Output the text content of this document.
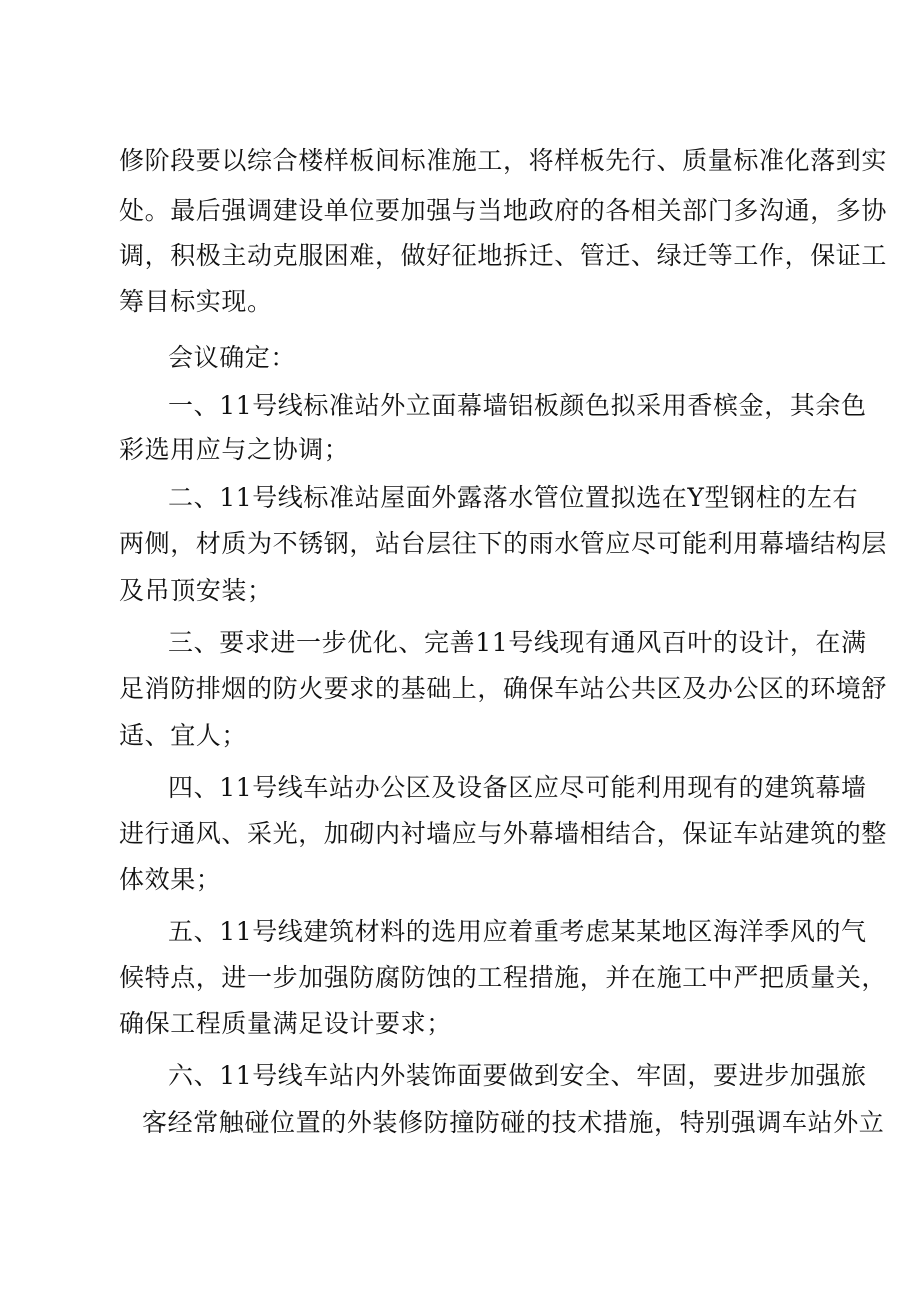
修阶段要以综合楼样板间标准施工，将样板先行、质量标准化落到实
处。最后强调建设单位要加强与当地政府的各相关部门多沟通，多协
调，积极主动克服困难，做好征地拆迁、管迁、绿迁等工作，保证工
筹目标实现。
会议确定：
一、11号线标准站外立面幕墙铝板颜色拟采用香槟金，其余色
彩选用应与之协调；
二、11号线标准站屋面外露落水管位置拟选在Y型钢柱的左右
两侧，材质为不锈钢，站台层往下的雨水管应尽可能利用幕墙结构层
及吊顶安装；
三、要求进一步优化、完善11号线现有通风百叶的设计，在满
足消防排烟的防火要求的基础上，确保车站公共区及办公区的环境舒
适、宜人；
四、11号线车站办公区及设备区应尽可能利用现有的建筑幕墙
进行通风、采光，加砌内衬墙应与外幕墙相结合，保证车站建筑的整
体效果；
五、11号线建筑材料的选用应着重考虑某某地区海洋季风的气
候特点，进一步加强防腐防蚀的工程措施，并在施工中严把质量关，
确保工程质量满足设计要求；
六、11号线车站内外装饰面要做到安全、牢固，要进步加强旅
客经常触碰位置的外装修防撞防碰的技术措施，特别强调车站外立
